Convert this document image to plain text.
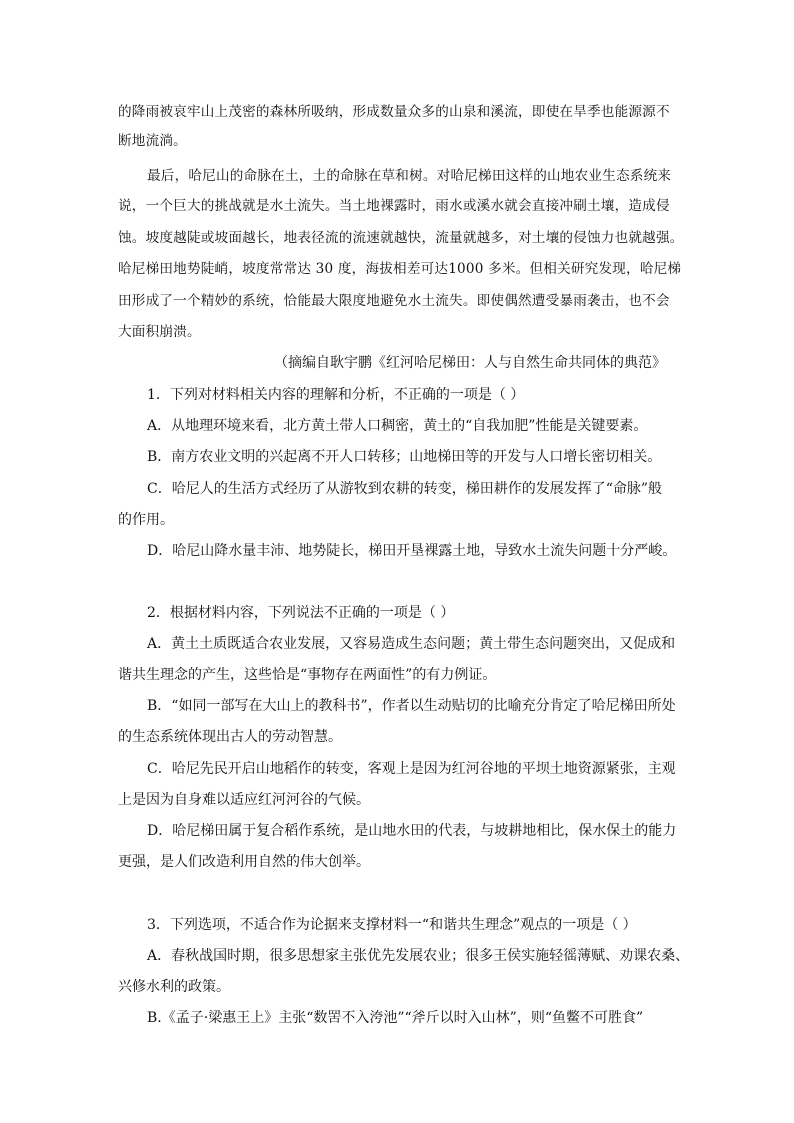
的降雨被哀牢山上茂密的森林所吸纳，形成数量众多的山泉和溪流，即使在旱季也能源源不
断地流淌。
最后，哈尼山的命脉在土，土的命脉在草和树。对哈尼梯田这样的山地农业生态系统来
说，一个巨大的挑战就是水土流失。当土地裸露时，雨水或溪水就会直接冲刷土壤，造成侵
蚀。坡度越陡或坡面越长，地表径流的流速就越快，流量就越多，对土壤的侵蚀力也就越强。
哈尼梯田地势陡峭，坡度常常达 30 度，海拔相差可达1000 多米。但相关研究发现，哈尼梯
田形成了一个精妙的系统，恰能最大限度地避免水土流失。即使偶然遭受暴雨袭击，也不会
大面积崩溃。
（摘编自耿宇鹏《红河哈尼梯田：人与自然生命共同体的典范》
1．下列对材料相关内容的理解和分析，不正确的一项是（ ）
A．从地理环境来看，北方黄土带人口稠密，黄土的“自我加肥”性能是关键要素。
B．南方农业文明的兴起离不开人口转移；山地梯田等的开发与人口增长密切相关。
C．哈尼人的生活方式经历了从游牧到农耕的转变，梯田耕作的发展发挥了“命脉”般
的作用。
D．哈尼山降水量丰沛、地势陡长，梯田开垦裸露土地，导致水土流失问题十分严峻。
2．根据材料内容，下列说法不正确的一项是（ ）
A．黄土土质既适合农业发展，又容易造成生态问题；黄土带生态问题突出，又促成和
谐共生理念的产生，这些恰是“事物存在两面性”的有力例证。
B．“如同一部写在大山上的教科书”，作者以生动贴切的比喻充分肯定了哈尼梯田所处
的生态系统体现出古人的劳动智慧。
C．哈尼先民开启山地稻作的转变，客观上是因为红河谷地的平坝土地资源紧张，主观
上是因为自身难以适应红河河谷的气候。
D．哈尼梯田属于复合稻作系统，是山地水田的代表，与坡耕地相比，保水保土的能力
更强，是人们改造利用自然的伟大创举。
3．下列选项，不适合作为论据来支撑材料一“和谐共生理念”观点的一项是（ ）
A．春秋战国时期，很多思想家主张优先发展农业；很多王侯实施轻徭薄赋、劝课农桑、
兴修水利的政策。
B.《孟子·梁惠王上》主张“数罟不入洿池”“斧斤以时入山林”，则“鱼鳖不可胜食”
